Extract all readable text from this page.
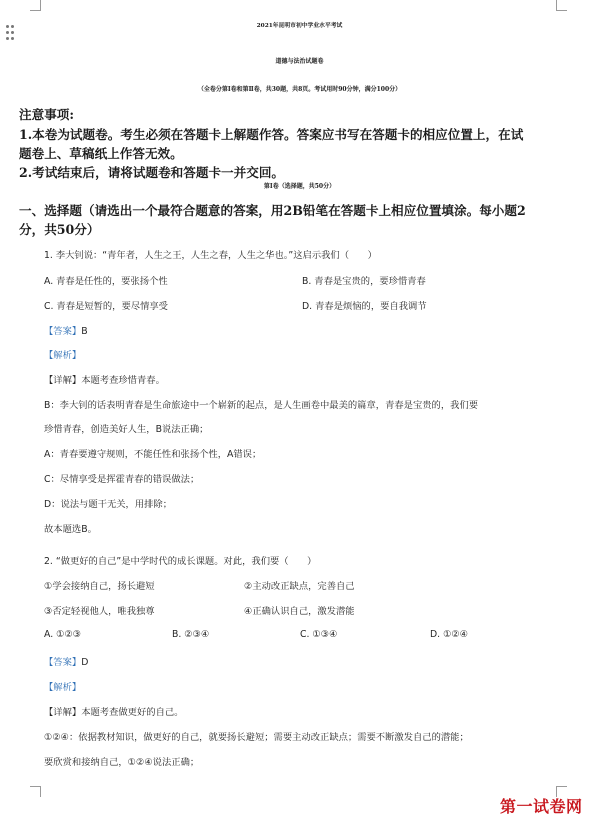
2021年昆明市初中学业水平考试
道德与法治试题卷
（全卷分第Ⅰ卷和第Ⅱ卷，共30题，共8页。考试用时90分钟，满分100分）
注意事项:
1.本卷为试题卷。考生必须在答题卡上解题作答。答案应书写在答题卡的相应位置上，在试
题卷上、草稿纸上作答无效。
2.考试结束后，请将试题卷和答题卡一并交回。
第Ⅰ卷（选择题，共50分）
一、选择题（请选出一个最符合题意的答案，用2B铅笔在答题卡上相应位置填涂。每小题2
分，共50分）
1. 李大钊说：“青年者，人生之王，人生之春，人生之华也。”这启示我们（　　）
A. 青春是任性的，要张扬个性	B. 青春是宝贵的，要珍惜青春
C. 青春是短暂的，要尽情享受	D. 青春是烦恼的，要自我调节
【答案】B
【解析】
【详解】本题考查珍惜青春。
B：李大钊的话表明青春是生命旅途中一个崭新的起点，是人生画卷中最美的篇章，青春是宝贵的，我们要
珍惜青春，创造美好人生，B说法正确；
A：青春要遵守规则，不能任性和张扬个性，A错误；
C：尽情享受是挥霍青春的错误做法；
D：说法与题干无关，用排除；
故本题选B。
2. “做更好的自己”是中学时代的成长课题。对此，我们要（　　）
①学会接纳自己，扬长避短	②主动改正缺点，完善自己
③否定轻视他人，唯我独尊	④正确认识自己，激发潜能
A. ①②③	B. ②③④	C. ①③④	D. ①②④
【答案】D
【解析】
【详解】本题考查做更好的自己。
①②④：依据教材知识，做更好的自己，就要扬长避短；需要主动改正缺点；需要不断激发自己的潜能；
要欣赏和接纳自己，①②④说法正确；
第一试卷网
